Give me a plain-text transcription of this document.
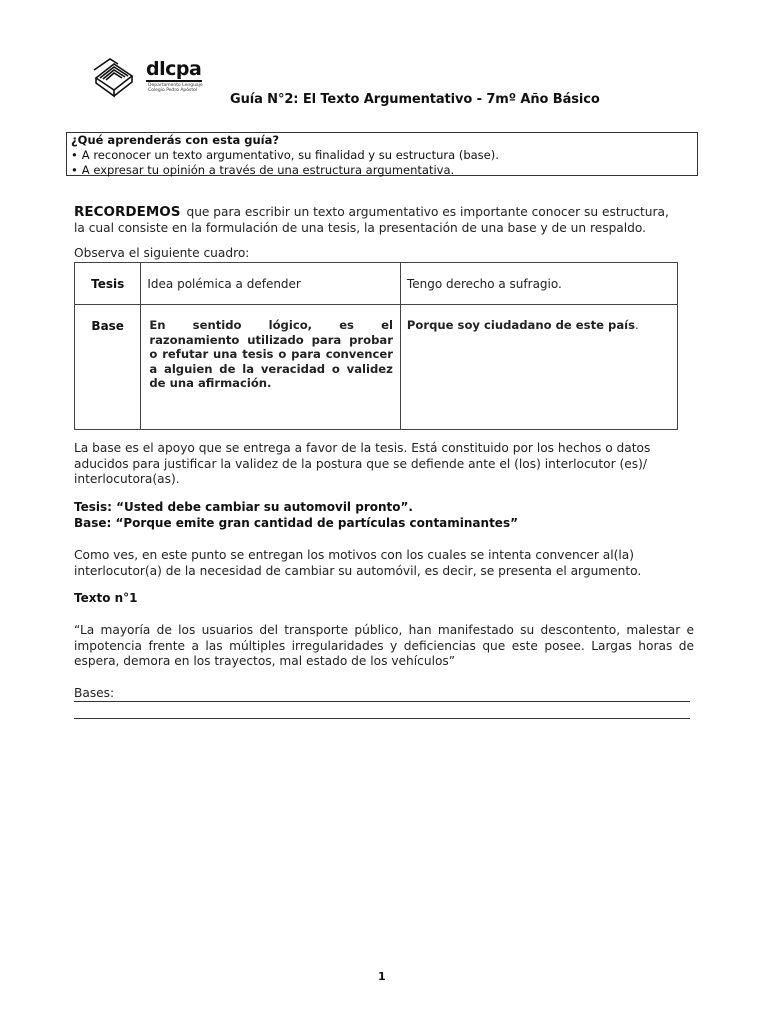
dlcpa
Departamento Lenguaje
Colegio Pedro Apóstol
Guía N°2: El Texto Argumentativo - 7mº Año Básico
¿Qué aprenderás con esta guía?
• A reconocer un texto argumentativo, su finalidad y su estructura (base).
• A expresar tu opinión a través de una estructura argumentativa.
RECORDEMOS que para escribir un texto argumentativo es importante conocer su estructura,
la cual consiste en la formulación de una tesis, la presentación de una base y de un respaldo.
Observa el siguiente cuadro:
Tesis	Idea polémica a defender	Tengo derecho a sufragio.
Base	En sentido lógico, es el razonamiento utilizado para probar o refutar una tesis o para convencer a alguien de la veracidad o validez de una afirmación.	Porque soy ciudadano de este país.
La base es el apoyo que se entrega a favor de la tesis. Está constituido por los hechos o datos
aducidos para justificar la validez de la postura que se defiende ante el (los) interlocutor (es)/
interlocutora(as).
Tesis: “Usted debe cambiar su automovil pronto”.
Base: “Porque emite gran cantidad de partículas contaminantes”
Como ves, en este punto se entregan los motivos con los cuales se intenta convencer al(la)
interlocutor(a) de la necesidad de cambiar su automóvil, es decir, se presenta el argumento.
Texto n°1
“La mayoría de los usuarios del transporte público, han manifestado su descontento, malestar e impotencia frente a las múltiples irregularidades y deficiencias que este posee. Largas horas de espera, demora en los trayectos, mal estado de los vehículos”
Bases:
1
